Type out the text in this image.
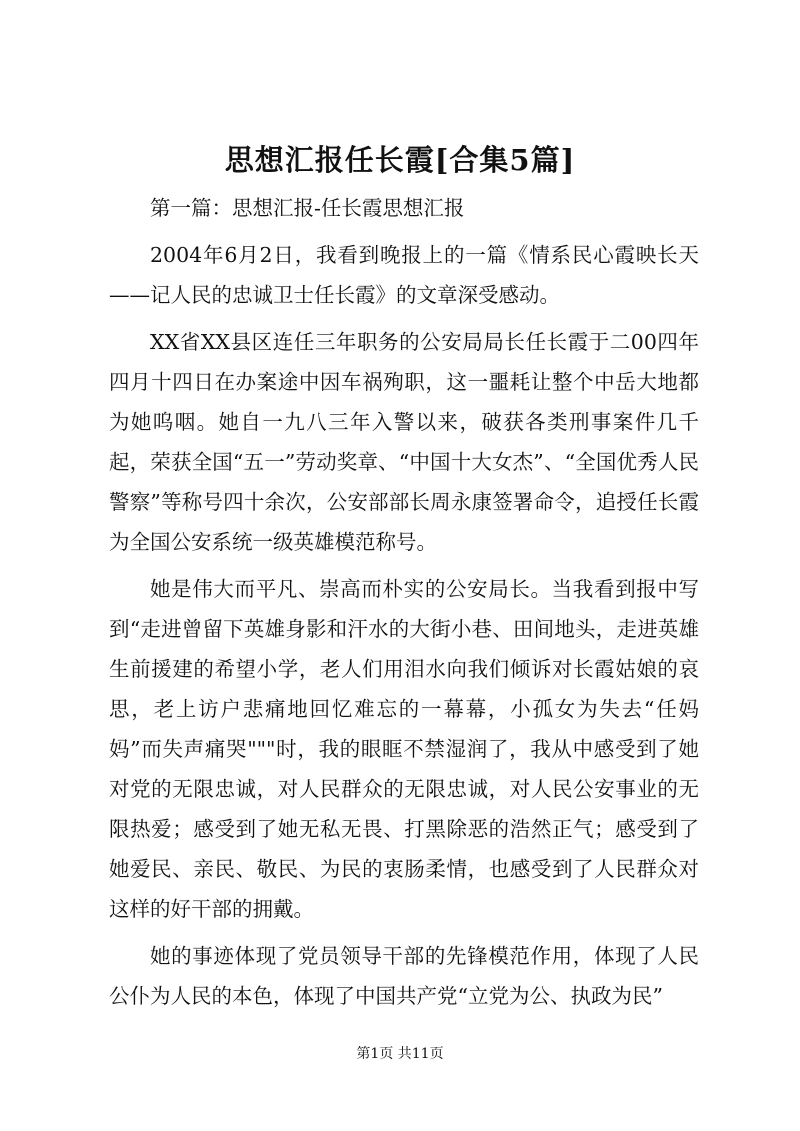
思想汇报任长霞[合集5篇]

第一篇：思想汇报-任长霞思想汇报

2004年6月2日，我看到晚报上的一篇《情系民心霞映长天——记人民的忠诚卫士任长霞》的文章深受感动。

XX省XX县区连任三年职务的公安局局长任长霞于二00四年四月十四日在办案途中因车祸殉职，这一噩耗让整个中岳大地都为她呜咽。她自一九八三年入警以来，破获各类刑事案件几千起，荣获全国“五一”劳动奖章、“中国十大女杰”、“全国优秀人民警察”等称号四十余次，公安部部长周永康签署命令，追授任长霞为全国公安系统一级英雄模范称号。

她是伟大而平凡、崇高而朴实的公安局长。当我看到报中写到“走进曾留下英雄身影和汗水的大街小巷、田间地头，走进英雄生前援建的希望小学，老人们用泪水向我们倾诉对长霞姑娘的哀思，老上访户悲痛地回忆难忘的一幕幕，小孤女为失去“任妈妈”而失声痛哭"""时，我的眼眶不禁湿润了，我从中感受到了她对党的无限忠诚，对人民群众的无限忠诚，对人民公安事业的无限热爱；感受到了她无私无畏、打黑除恶的浩然正气；感受到了她爱民、亲民、敬民、为民的衷肠柔情，也感受到了人民群众对这样的好干部的拥戴。

她的事迹体现了党员领导干部的先锋模范作用，体现了人民公仆为人民的本色，体现了中国共产党“立党为公、执政为民”

第1页 共11页
